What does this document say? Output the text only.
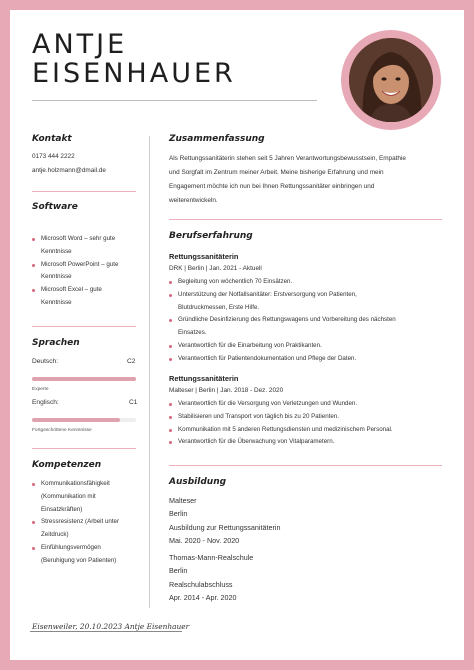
ANTJE
EISENHAUER
Kontakt
0173 444 2222
antje.holzmann@dmail.de
Software
Microsoft Word – sehr gute
Kenntnisse
Microsoft PowerPoint – gute
Kenntnisse
Microsoft Excel – gute
Kenntnisse
Sprachen
Deutsch:	C2
Experte
Englisch:	C1
Fortgeschrittene Kenntnisse
Kompetenzen
Kommunikationsfähigkeit
(Kommunikation mit
Einsatzkräften)
Stressresistenz (Arbeit unter
Zeitdruck)
Einfühlungsvermögen
(Beruhigung von Patienten)
Zusammenfassung
Als Rettungssanitäterin stehen seit 5 Jahren Verantwortungsbewusstsein, Empathie
und Sorgfalt im Zentrum meiner Arbeit. Meine bisherige Erfahrung und mein
Engagement möchte ich nun bei Ihnen Rettungssanitäter einbringen und
weiterentwickeln.
Berufserfahrung
Rettungssanitäterin
DRK | Berlin | Jan. 2021 - Aktuell
Begleitung von wöchentlich 70 Einsätzen.
Unterstützung der Notfallsanitäter: Erstversorgung von Patienten,
Blutdruckmessen, Erste Hilfe.
Gründliche Desinfizierung des Rettungswagens und Vorbereitung des nächsten
Einsatzes.
Verantwortlich für die Einarbeitung von Praktikanten.
Verantwortlich für Patientendokumentation und Pflege der Daten.
Rettungssanitäterin
Malteser | Berlin | Jan. 2018 - Dez. 2020
Verantwortlich für die Versorgung von Verletzungen und Wunden.
Stabilisieren und Transport von täglich bis zu 20 Patienten.
Kommunikation mit 5 anderen Rettungsdiensten und medizinischem Personal.
Verantwortlich für die Überwachung von Vitalparametern.
Ausbildung
Malteser
Berlin
Ausbildung zur Rettungssanitäterin
Mai. 2020 - Nov. 2020
Thomas-Mann-Realschule
Berlin
Realschulabschluss
Apr. 2014 - Apr. 2020
Eisenweiler, 20.10.2023 Antje Eisenhauer
